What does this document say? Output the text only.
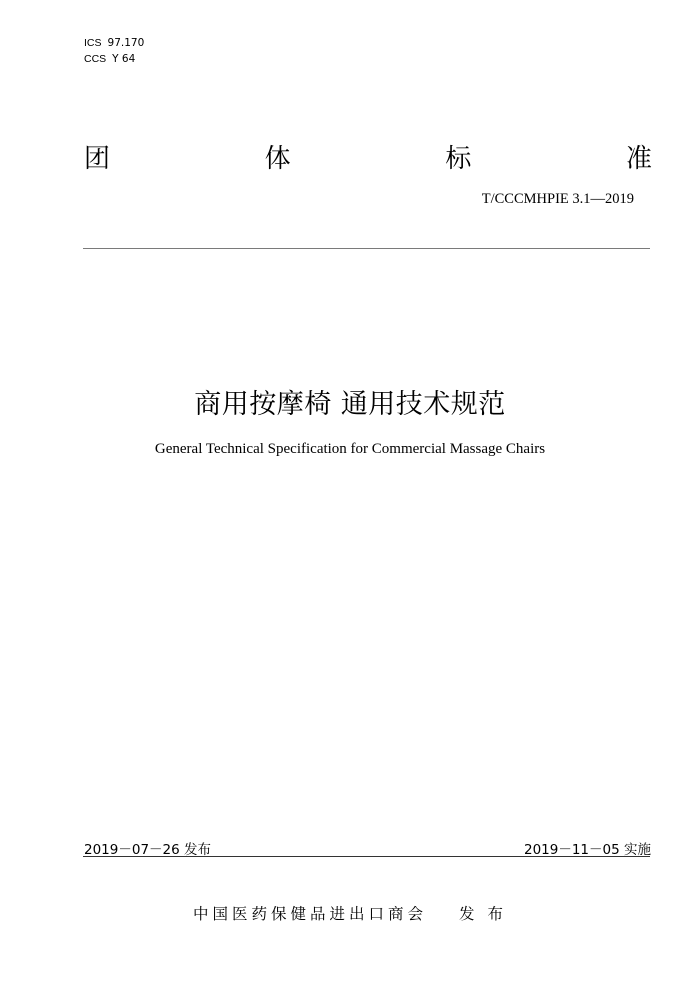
ICS 97.170
CCS Y 64
团	体	标	准
T/CCCMHPIE 3.1—2019
商用按摩椅 通用技术规范
General Technical Specification for Commercial Massage Chairs
2019－07－26 发布	2019－11－05 实施
中国医药保健品进出口商会 发 布
